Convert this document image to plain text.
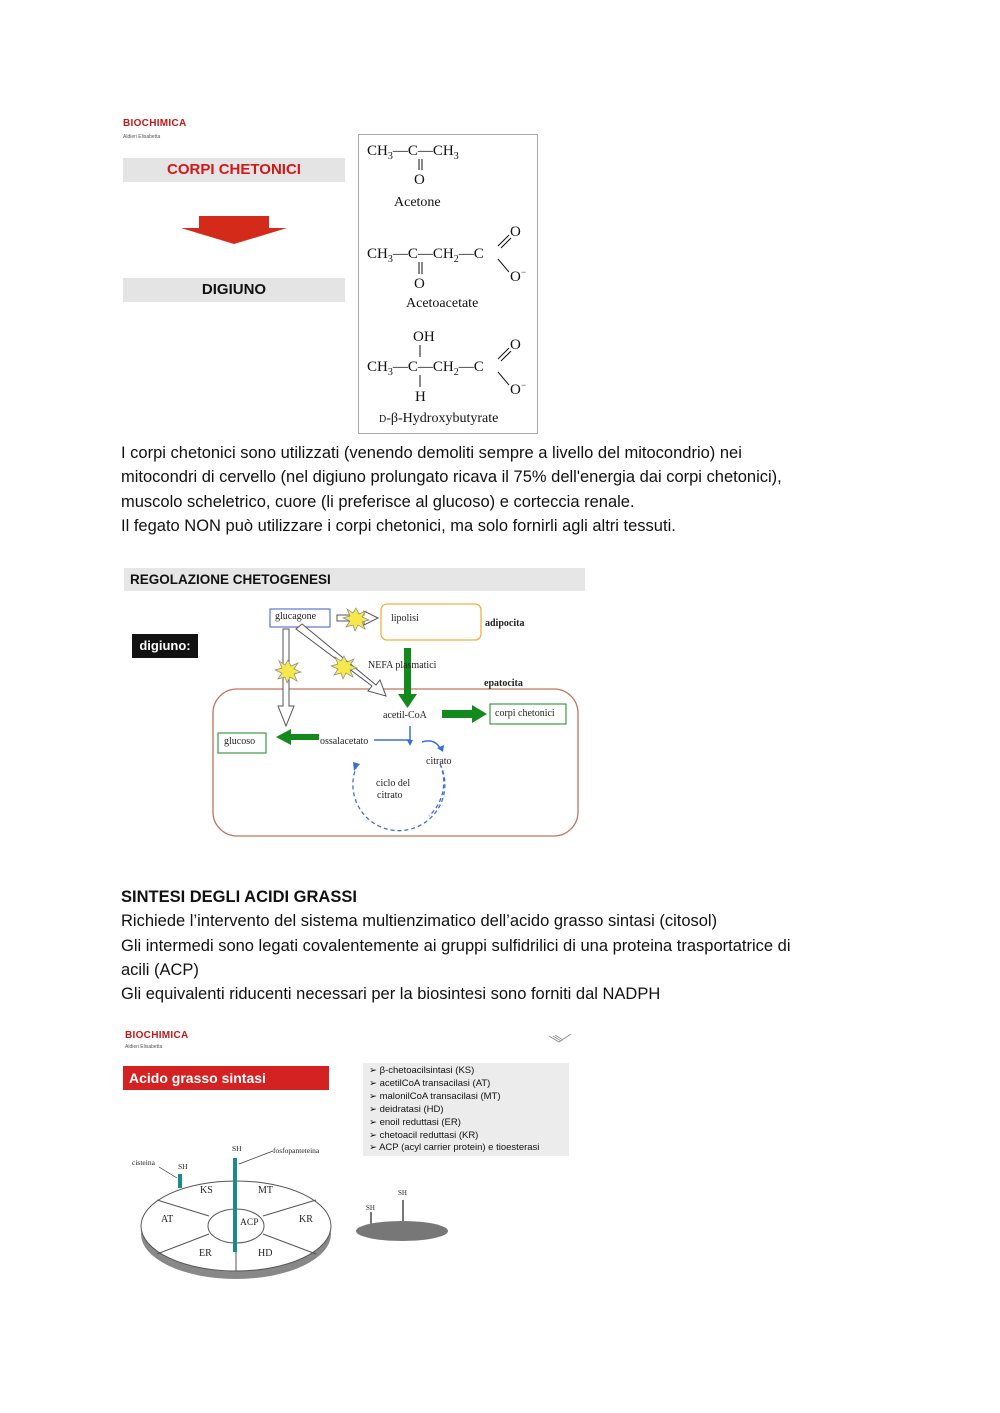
BIOCHIMICA
Aldieri Elisabetta
CORPI CHETONICI
DIGIUNO
$CH_3—C—CH_3$
O
$CH_3—C—CH_2—C$
O
O
O −
OH
$CH_3—C—CH_2—C$
H
O
O −
Acetone
Acetoacetate
D-β-Hydroxybutyrate

I corpi chetonici sono utilizzati (venendo demoliti sempre a livello del mitocondrio) nei

mitocondri di cervello (nel digiuno prolungato ricava il 75% dell'energia dai corpi chetonici),

muscolo scheletrico, cuore (li preferisce al glucoso) e corteccia renale.

Il fegato NON può utilizzare i corpi chetonici, ma solo fornirli agli altri tessuti.

REGOLAZIONE CHETOGENESI
digiuno:
glucagone	lipolisi	adipocita
NEFA plasmatici
epatocita
acetil-CoA	corpi chetonici
glucoso	ossalacetato
citrato
ciclo del
citrato

SINTESI DEGLI ACIDI GRASSI

Richiede l’intervento del sistema multienzimatico dell’acido grasso sintasi (citosol)

Gli intermedi sono legati covalentemente ai gruppi sulfidrilici di una proteina trasportatrice di

acili (ACP)

Gli equivalenti riducenti necessari per la biosintesi sono forniti dal NADPH

BIOCHIMICA
Aldieri Elisabetta
Acido grasso sintasi	➢ β-chetoacilsintasi (KS)
➢ acetilCoA transacilasi (AT)
➢ malonilCoA transacilasi (MT)
➢ deidratasi (HD)
➢ enoil reduttasi (ER)
➢ chetoacil reduttasi (KR)
➢ ACP (acyl carrier protein) e tioesterasi
cisteina
fosfopanteteina
SH
SH
KS	MT
KR
HD
ER
AT	ACP
SH
SH
